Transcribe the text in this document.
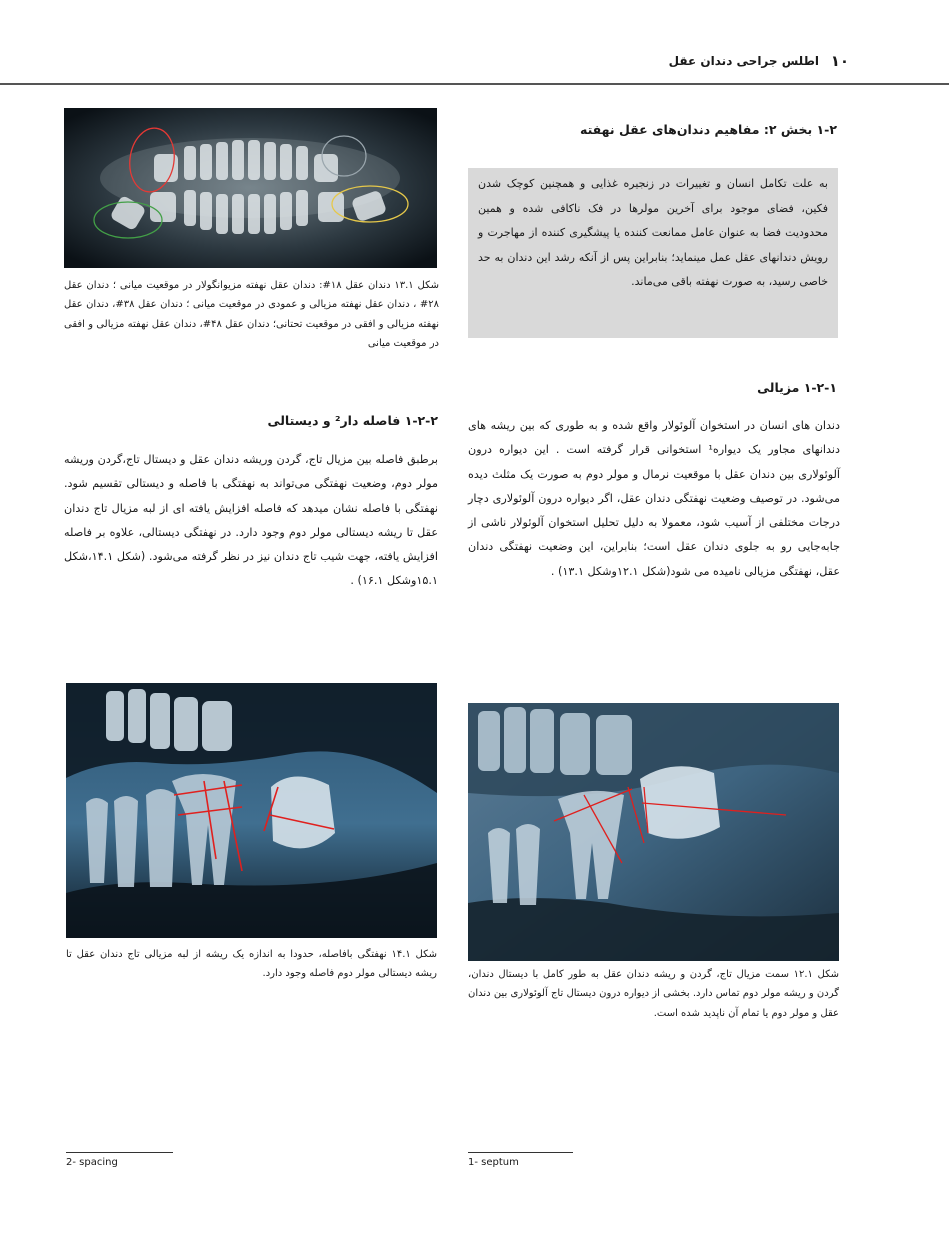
۱۰
اطلس جراحی دندان عقل
۱-۲ بخش ۲: مفاهیم دندان‌های عقل نهفته
به علت تکامل انسان و تغییرات در زنجیره غذایی و همچنین کوچک شدن فکین، فضای موجود برای آخرین مولرها در فک ناکافی شده و همین محدودیت فضا به عنوان عامل ممانعت کننده یا پیشگیری کننده از مهاجرت و رویش دندانهای عقل عمل مینماید؛ بنابراین پس از آنکه رشد این دندان به حد خاصی رسید، به صورت نهفته باقی می‌ماند.
۱-۲-۱ مزیالی
دندان های انسان در استخوان آلوئولار واقع شده و به طوری که بین ریشه های دندانهای مجاور یک دیواره¹ استخوانی قرار گرفته است . این دیواره درون آلوئولاری بین دندان عقل با موقعیت نرمال و مولر دوم به صورت یک مثلث دیده می‌شود. در توصیف وضعیت نهفتگی دندان عقل، اگر دیواره درون آلوئولاری دچار درجات مختلفی از آسیب شود، معمولا به دلیل تحلیل استخوان آلوئولار ناشی از جابه‌جایی رو به جلوی دندان عقل است؛ بنابراین، این وضعیت نهفتگی دندان عقل، نهفتگی مزیالی نامیده می شود(شکل ۱۲.۱وشکل ۱۳.۱) .
شکل ۱۳.۱ دندان عقل ۱۸#: دندان عقل نهفته مزیوانگولار در موقعیت میانی ؛ دندان عقل ۲۸# ، دندان عقل نهفته مزیالی و عمودی در موقعیت میانی ؛ دندان عقل ۳۸#، دندان عقل نهفته مزیالی و افقی در موقعیت تحتانی؛ دندان عقل ۴۸#، دندان عقل نهفته مزیالی و افقی در موقعیت میانی
۱-۲-۲ فاصله دار² و دیستالی
برطبق فاصله بین مزیال تاج، گردن وریشه دندان عقل و دیستال تاج،گردن وریشه مولر دوم، وضعیت نهفتگی می‌تواند به نهفتگی با فاصله و دیستالی تقسیم شود. نهفتگی با فاصله نشان میدهد که فاصله افزایش یافته ای از لبه مزیال تاج دندان عقل تا ریشه دیستالی مولر دوم وجود دارد. در نهفتگی دیستالی، علاوه بر فاصله افزایش یافته، جهت شیب تاج دندان نیز در نظر گرفته می‌شود. (شکل ۱۴.۱،شکل ۱۵.۱وشکل ۱۶.۱) .
شکل ۱۴.۱ نهفتگی بافاصله، حدودا به اندازه یک ریشه از لبه مزیالی تاج دندان عقل تا ریشه دیستالی مولر دوم فاصله وجود دارد.	شکل ۱۲.۱ سمت مزیال تاج، گردن و ریشه دندان عقل به طور کامل با دیستال دندان، گردن و ریشه مولر دوم تماس دارد. بخشی از دیواره درون دیستال تاج آلوئولاری بین دندان عقل و مولر دوم یا تمام آن ناپدید شده است.
2- spacing	1- septum
